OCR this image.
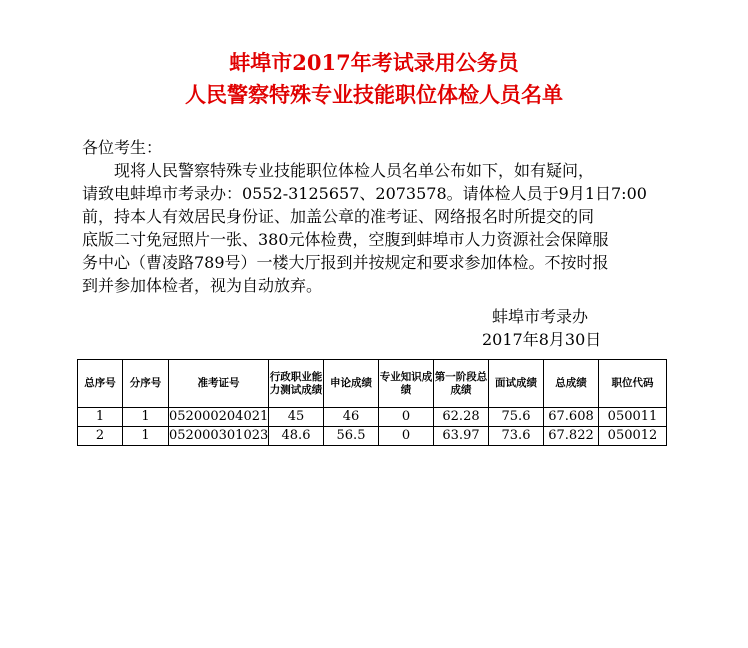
蚌埠市2017年考试录用公务员
人民警察特殊专业技能职位体检人员名单
各位考生：
现将人民警察特殊专业技能职位体检人员名单公布如下，如有疑问，
请致电蚌埠市考录办：0552-3125657、2073578。请体检人员于9月1日7:00
前，持本人有效居民身份证、加盖公章的准考证、网络报名时所提交的同
底版二寸免冠照片一张、380元体检费，空腹到蚌埠市人力资源社会保障服
务中心（曹凌路789号）一楼大厅报到并按规定和要求参加体检。不按时报
到并参加体检者，视为自动放弃。
蚌埠市考录办
2017年8月30日
总序号	分序号	准考证号	行政职业能力测试成绩	申论成绩	专业知识成绩	第一阶段总成绩	面试成绩	总成绩	职位代码
1	1	052000204021	45	46	0	62.28	75.6	67.608	050011
2	1	052000301023	48.6	56.5	0	63.97	73.6	67.822	050012
